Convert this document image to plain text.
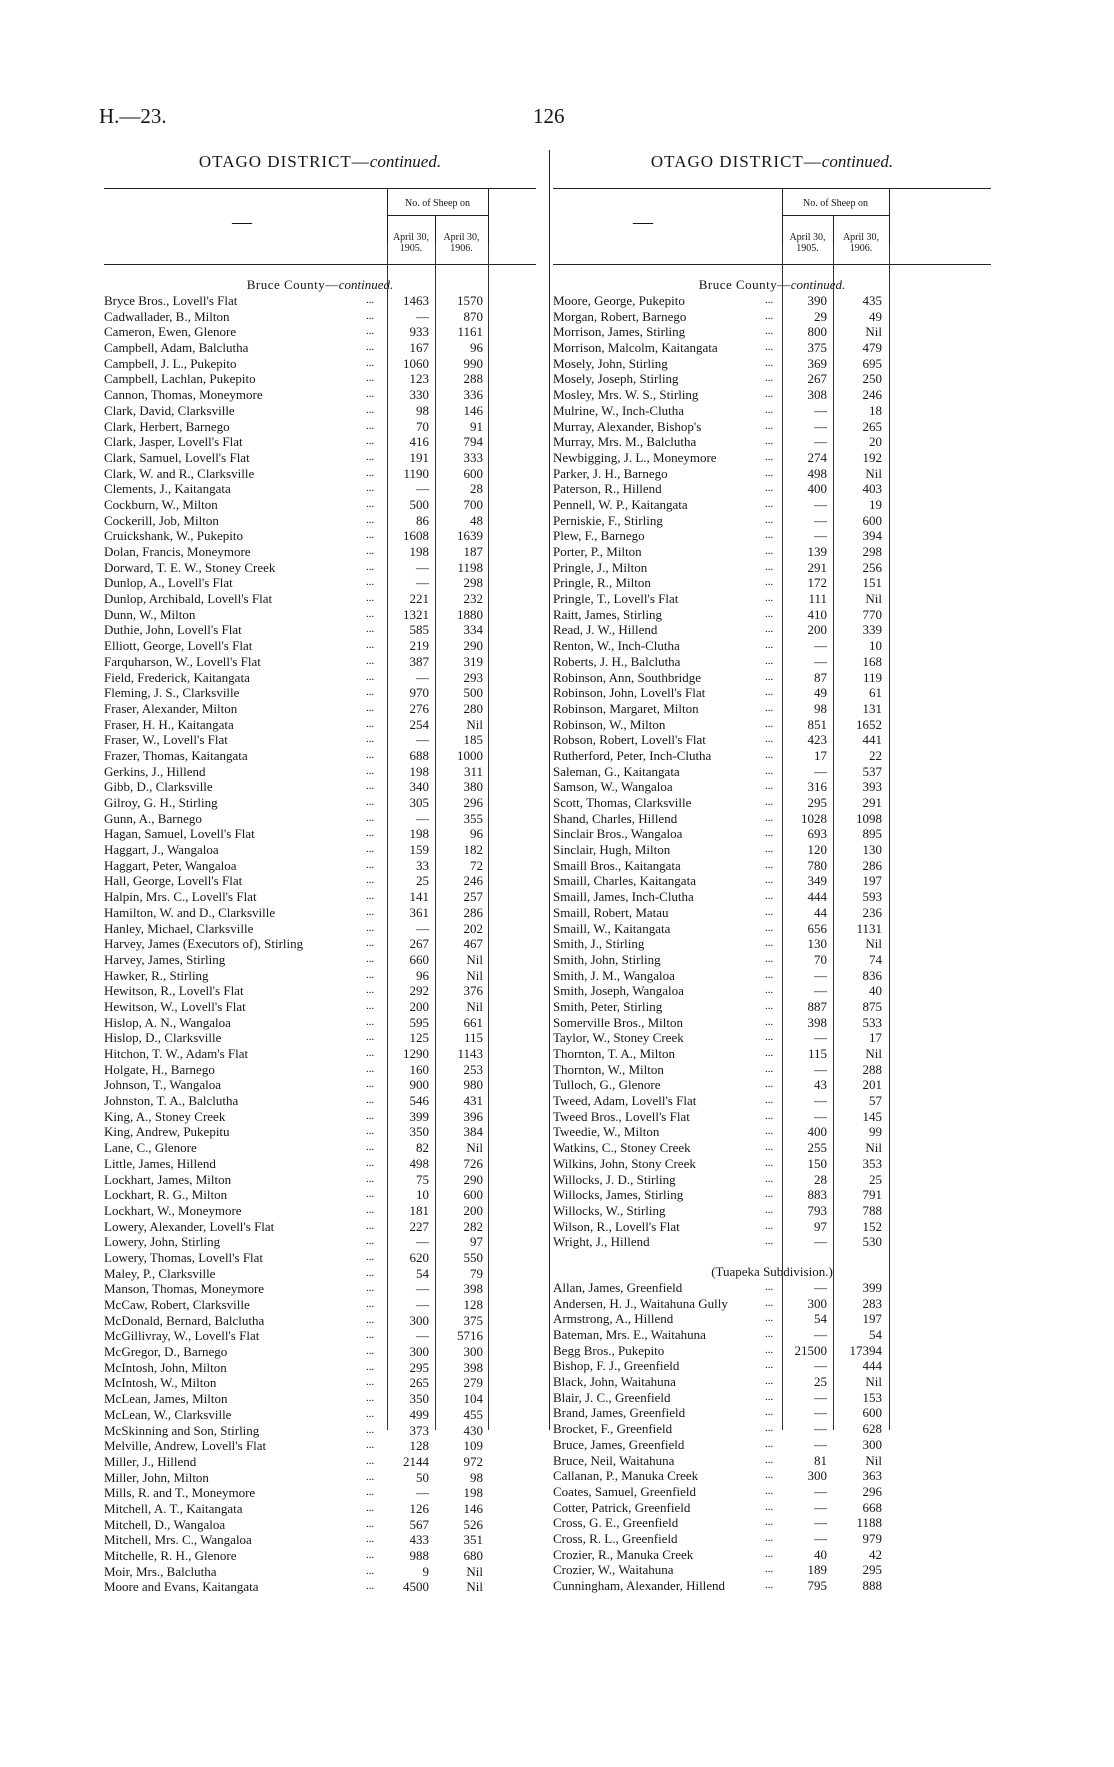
H.—23.	126
OTAGO DISTRICT—continued.
—
No. of Sheep on
April 30, 1905.
April 30, 1906.
Bruce County—continued.
Bryce Bros., Lovell's Flat	...	1463	1570
Cadwallader, B., Milton	...	—	870
Cameron, Ewen, Glenore	...	933	1161
Campbell, Adam, Balclutha	...	167	96
Campbell, J. L., Pukepito	...	1060	990
Campbell, Lachlan, Pukepito	...	123	288
Cannon, Thomas, Moneymore	...	330	336
Clark, David, Clarksville	...	98	146
Clark, Herbert, Barnego	...	70	91
Clark, Jasper, Lovell's Flat	...	416	794
Clark, Samuel, Lovell's Flat	...	191	333
Clark, W. and R., Clarksville	...	1190	600
Clements, J., Kaitangata	...	—	28
Cockburn, W., Milton	...	500	700
Cockerill, Job, Milton	...	86	48
Cruickshank, W., Pukepito	...	1608	1639
Dolan, Francis, Moneymore	...	198	187
Dorward, T. E. W., Stoney Creek	...	—	1198
Dunlop, A., Lovell's Flat	...	—	298
Dunlop, Archibald, Lovell's Flat	...	221	232
Dunn, W., Milton	...	1321	1880
Duthie, John, Lovell's Flat	...	585	334
Elliott, George, Lovell's Flat	...	219	290
Farquharson, W., Lovell's Flat	...	387	319
Field, Frederick, Kaitangata	...	—	293
Fleming, J. S., Clarksville	...	970	500
Fraser, Alexander, Milton	...	276	280
Fraser, H. H., Kaitangata	...	254	Nil
Fraser, W., Lovell's Flat	...	—	185
Frazer, Thomas, Kaitangata	...	688	1000
Gerkins, J., Hillend	...	198	311
Gibb, D., Clarksville	...	340	380
Gilroy, G. H., Stirling	...	305	296
Gunn, A., Barnego	...	—	355
Hagan, Samuel, Lovell's Flat	...	198	96
Haggart, J., Wangaloa	...	159	182
Haggart, Peter, Wangaloa	...	33	72
Hall, George, Lovell's Flat	...	25	246
Halpin, Mrs. C., Lovell's Flat	...	141	257
Hamilton, W. and D., Clarksville	...	361	286
Hanley, Michael, Clarksville	...	—	202
Harvey, James (Executors of), Stirling	...	267	467
Harvey, James, Stirling	...	660	Nil
Hawker, R., Stirling	...	96	Nil
Hewitson, R., Lovell's Flat	...	292	376
Hewitson, W., Lovell's Flat	...	200	Nil
Hislop, A. N., Wangaloa	...	595	661
Hislop, D., Clarksville	...	125	115
Hitchon, T. W., Adam's Flat	...	1290	1143
Holgate, H., Barnego	...	160	253
Johnson, T., Wangaloa	...	900	980
Johnston, T. A., Balclutha	...	546	431
King, A., Stoney Creek	...	399	396
King, Andrew, Pukepitu	...	350	384
Lane, C., Glenore	...	82	Nil
Little, James, Hillend	...	498	726
Lockhart, James, Milton	...	75	290
Lockhart, R. G., Milton	...	10	600
Lockhart, W., Moneymore	...	181	200
Lowery, Alexander, Lovell's Flat	...	227	282
Lowery, John, Stirling	...	—	97
Lowery, Thomas, Lovell's Flat	...	620	550
Maley, P., Clarksville	...	54	79
Manson, Thomas, Moneymore	...	—	398
McCaw, Robert, Clarksville	...	—	128
McDonald, Bernard, Balclutha	...	300	375
McGillivray, W., Lovell's Flat	...	—	5716
McGregor, D., Barnego	...	300	300
McIntosh, John, Milton	...	295	398
McIntosh, W., Milton	...	265	279
McLean, James, Milton	...	350	104
McLean, W., Clarksville	...	499	455
McSkinning and Son, Stirling	...	373	430
Melville, Andrew, Lovell's Flat	...	128	109
Miller, J., Hillend	...	2144	972
Miller, John, Milton	...	50	98
Mills, R. and T., Moneymore	...	—	198
Mitchell, A. T., Kaitangata	...	126	146
Mitchell, D., Wangaloa	...	567	526
Mitchell, Mrs. C., Wangaloa	...	433	351
Mitchelle, R. H., Glenore	...	988	680
Moir, Mrs., Balclutha	...	9	Nil
Moore and Evans, Kaitangata	...	4500	Nil
OTAGO DISTRICT—continued.
—
No. of Sheep on
April 30, 1905.
April 30, 1906.
Bruce County—continued.
Moore, George, Pukepito	...	390	435
Morgan, Robert, Barnego	...	29	49
Morrison, James, Stirling	...	800	Nil
Morrison, Malcolm, Kaitangata	...	375	479
Mosely, John, Stirling	...	369	695
Mosely, Joseph, Stirling	...	267	250
Mosley, Mrs. W. S., Stirling	...	308	246
Mulrine, W., Inch-Clutha	...	—	18
Murray, Alexander, Bishop's	...	—	265
Murray, Mrs. M., Balclutha	...	—	20
Newbigging, J. L., Moneymore	...	274	192
Parker, J. H., Barnego	...	498	Nil
Paterson, R., Hillend	...	400	403
Pennell, W. P., Kaitangata	...	—	19
Perniskie, F., Stirling	...	—	600
Plew, F., Barnego	...	—	394
Porter, P., Milton	...	139	298
Pringle, J., Milton	...	291	256
Pringle, R., Milton	...	172	151
Pringle, T., Lovell's Flat	...	111	Nil
Raitt, James, Stirling	...	410	770
Read, J. W., Hillend	...	200	339
Renton, W., Inch-Clutha	...	—	10
Roberts, J. H., Balclutha	...	—	168
Robinson, Ann, Southbridge	...	87	119
Robinson, John, Lovell's Flat	...	49	61
Robinson, Margaret, Milton	...	98	131
Robinson, W., Milton	...	851	1652
Robson, Robert, Lovell's Flat	...	423	441
Rutherford, Peter, Inch-Clutha	...	17	22
Saleman, G., Kaitangata	...	—	537
Samson, W., Wangaloa	...	316	393
Scott, Thomas, Clarksville	...	295	291
Shand, Charles, Hillend	...	1028	1098
Sinclair Bros., Wangaloa	...	693	895
Sinclair, Hugh, Milton	...	120	130
Smaill Bros., Kaitangata	...	780	286
Smaill, Charles, Kaitangata	...	349	197
Smaill, James, Inch-Clutha	...	444	593
Smaill, Robert, Matau	...	44	236
Smaill, W., Kaitangata	...	656	1131
Smith, J., Stirling	...	130	Nil
Smith, John, Stirling	...	70	74
Smith, J. M., Wangaloa	...	—	836
Smith, Joseph, Wangaloa	...	—	40
Smith, Peter, Stirling	...	887	875
Somerville Bros., Milton	...	398	533
Taylor, W., Stoney Creek	...	—	17
Thornton, T. A., Milton	...	115	Nil
Thornton, W., Milton	...	—	288
Tulloch, G., Glenore	...	43	201
Tweed, Adam, Lovell's Flat	...	—	57
Tweed Bros., Lovell's Flat	...	—	145
Tweedie, W., Milton	...	400	99
Watkins, C., Stoney Creek	...	255	Nil
Wilkins, John, Stony Creek	...	150	353
Willocks, J. D., Stirling	...	28	25
Willocks, James, Stirling	...	883	791
Willocks, W., Stirling	...	793	788
Wilson, R., Lovell's Flat	...	97	152
Wright, J., Hillend	...	—	530
(Tuapeka Subdivision.)
Allan, James, Greenfield	...	—	399
Andersen, H. J., Waitahuna Gully	...	300	283
Armstrong, A., Hillend	...	54	197
Bateman, Mrs. E., Waitahuna	...	—	54
Begg Bros., Pukepito	...	21500	17394
Bishop, F. J., Greenfield	...	—	444
Black, John, Waitahuna	...	25	Nil
Blair, J. C., Greenfield	...	—	153
Brand, James, Greenfield	...	—	600
Brocket, F., Greenfield	...	—	628
Bruce, James, Greenfield	...	—	300
Bruce, Neil, Waitahuna	...	81	Nil
Callanan, P., Manuka Creek	...	300	363
Coates, Samuel, Greenfield	...	—	296
Cotter, Patrick, Greenfield	...	—	668
Cross, G. E., Greenfield	...	—	1188
Cross, R. L., Greenfield	...	—	979
Crozier, R., Manuka Creek	...	40	42
Crozier, W., Waitahuna	...	189	295
Cunningham, Alexander, Hillend	...	795	888
